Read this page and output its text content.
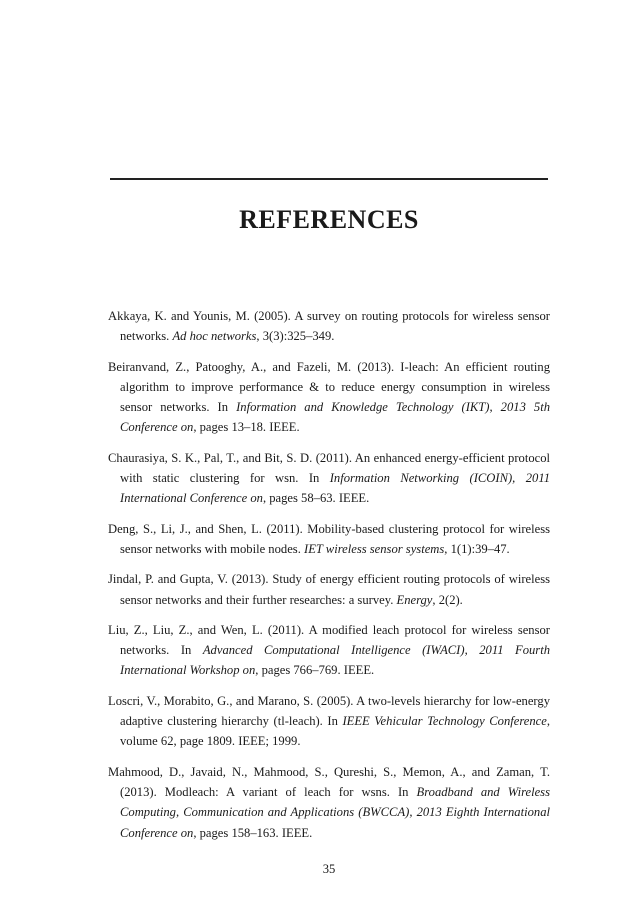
REFERENCES
Akkaya, K. and Younis, M. (2005). A survey on routing protocols for wireless sensor networks. Ad hoc networks, 3(3):325–349.
Beiranvand, Z., Patooghy, A., and Fazeli, M. (2013). I-leach: An efficient routing algorithm to improve performance & to reduce energy consumption in wireless sensor networks. In Information and Knowledge Technology (IKT), 2013 5th Conference on, pages 13–18. IEEE.
Chaurasiya, S. K., Pal, T., and Bit, S. D. (2011). An enhanced energy-efficient protocol with static clustering for wsn. In Information Networking (ICOIN), 2011 International Conference on, pages 58–63. IEEE.
Deng, S., Li, J., and Shen, L. (2011). Mobility-based clustering protocol for wireless sensor networks with mobile nodes. IET wireless sensor systems, 1(1):39–47.
Jindal, P. and Gupta, V. (2013). Study of energy efficient routing protocols of wireless sensor networks and their further researches: a survey. Energy, 2(2).
Liu, Z., Liu, Z., and Wen, L. (2011). A modified leach protocol for wireless sensor networks. In Advanced Computational Intelligence (IWACI), 2011 Fourth International Workshop on, pages 766–769. IEEE.
Loscri, V., Morabito, G., and Marano, S. (2005). A two-levels hierarchy for low-energy adaptive clustering hierarchy (tl-leach). In IEEE Vehicular Technology Conference, volume 62, page 1809. IEEE; 1999.
Mahmood, D., Javaid, N., Mahmood, S., Qureshi, S., Memon, A., and Zaman, T. (2013). Modleach: A variant of leach for wsns. In Broadband and Wireless Computing, Communication and Applications (BWCCA), 2013 Eighth International Conference on, pages 158–163. IEEE.
35
